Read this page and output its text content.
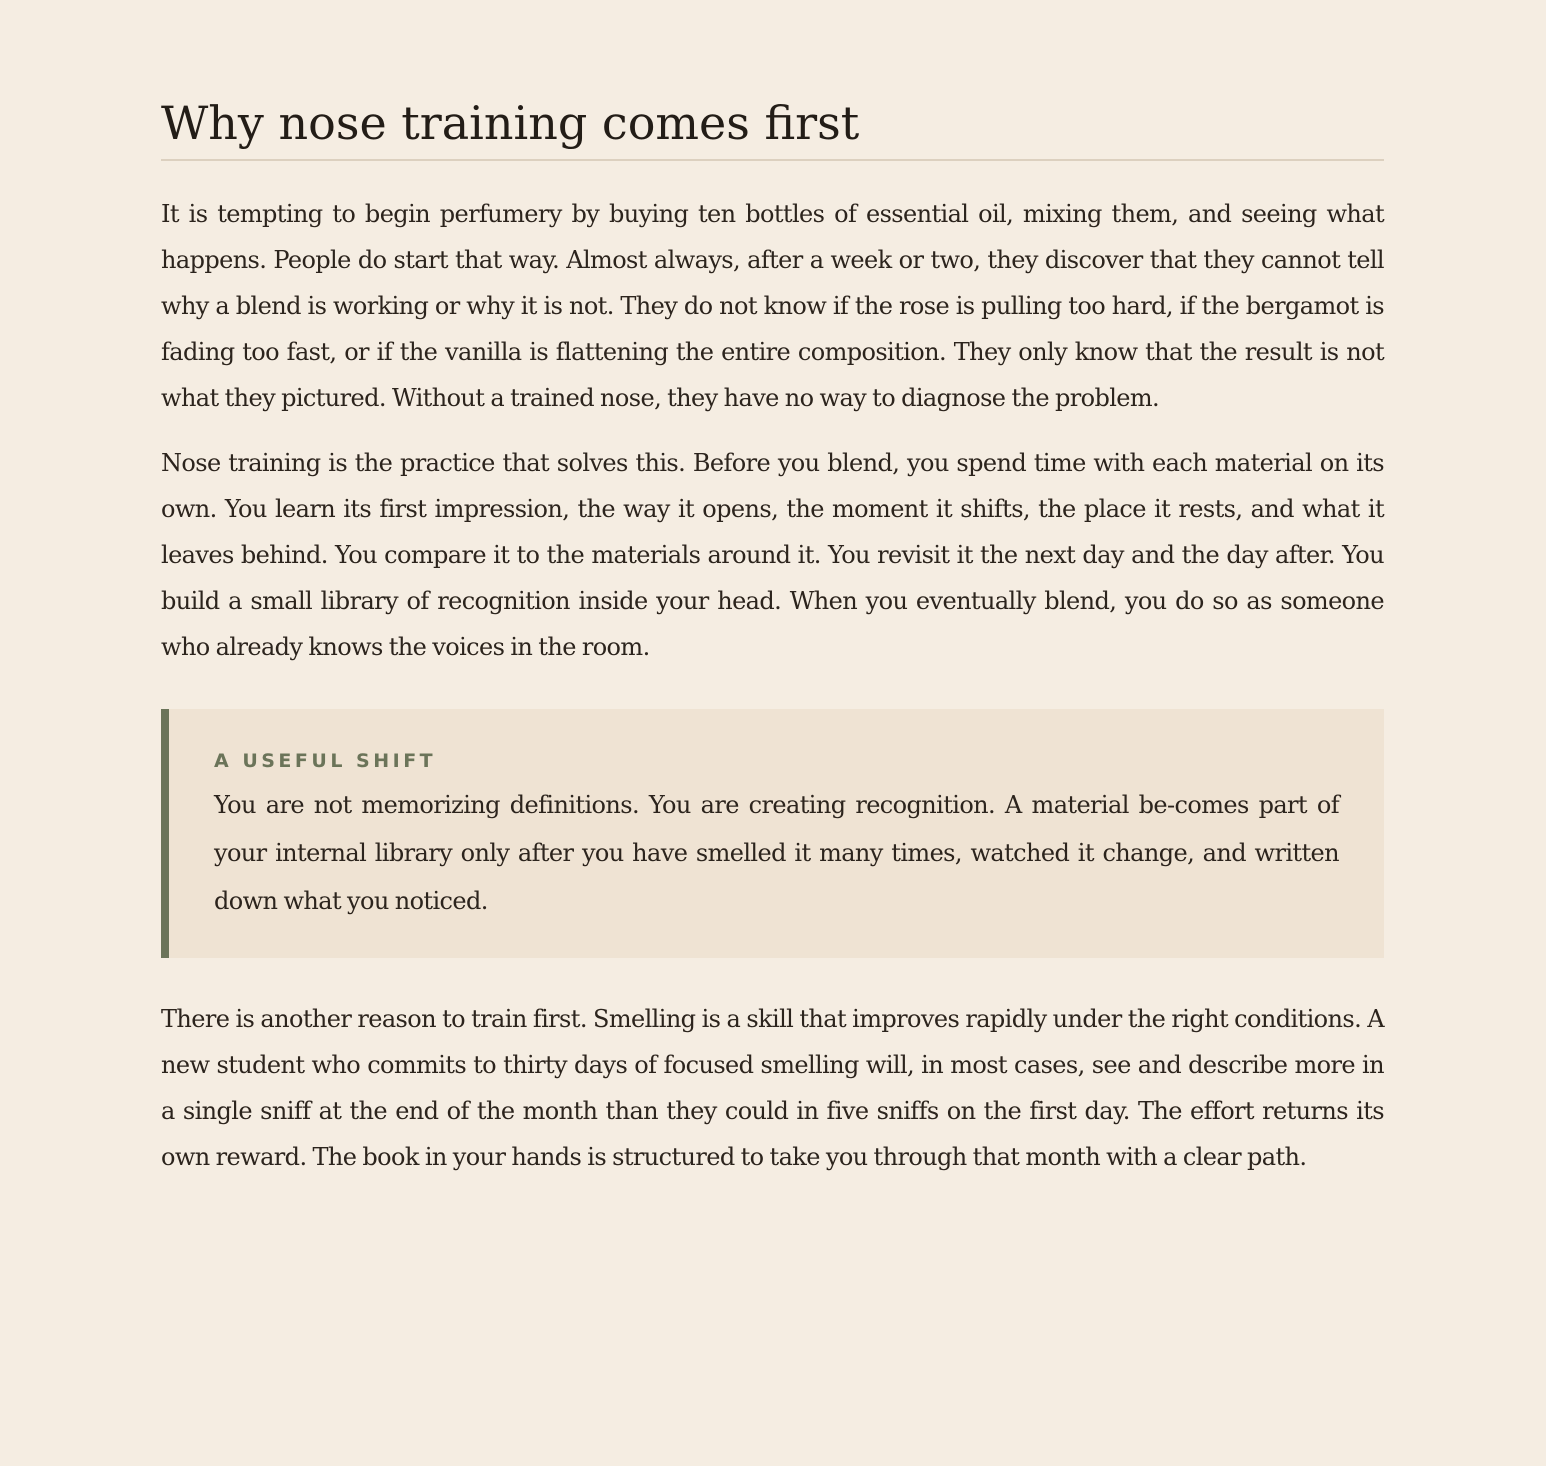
Why nose training comes first

It is tempting to begin perfumery by buying ten bottles of essential oil, mixing them, and seeing what happens. People do start that way. Almost always, after a week or two, they discover that they cannot tell why a blend is working or why it is not. They do not know if the rose is pulling too hard, if the bergamot is fading too fast, or if the vanilla is flattening the entire composition. They only know that the result is not what they pictured. Without a trained nose, they have no way to diagnose the problem.

Nose training is the practice that solves this. Before you blend, you spend time with each material on its own. You learn its first impression, the way it opens, the moment it shifts, the place it rests, and what it leaves behind. You compare it to the materials around it. You revisit it the next day and the day after. You build a small library of recognition inside your head. When you eventually blend, you do so as someone who already knows the voices in the room.

A USEFUL SHIFT

You are not memorizing definitions. You are creating recognition. A material be-comes part of your internal library only after you have smelled it many times, watched it change, and written down what you noticed.

There is another reason to train first. Smelling is a skill that improves rapidly under the right conditions. A new student who commits to thirty days of focused smelling will, in most cases, see and describe more in a single sniff at the end of the month than they could in five sniffs on the first day. The effort returns its own reward. The book in your hands is structured to take you through that month with a clear path.
